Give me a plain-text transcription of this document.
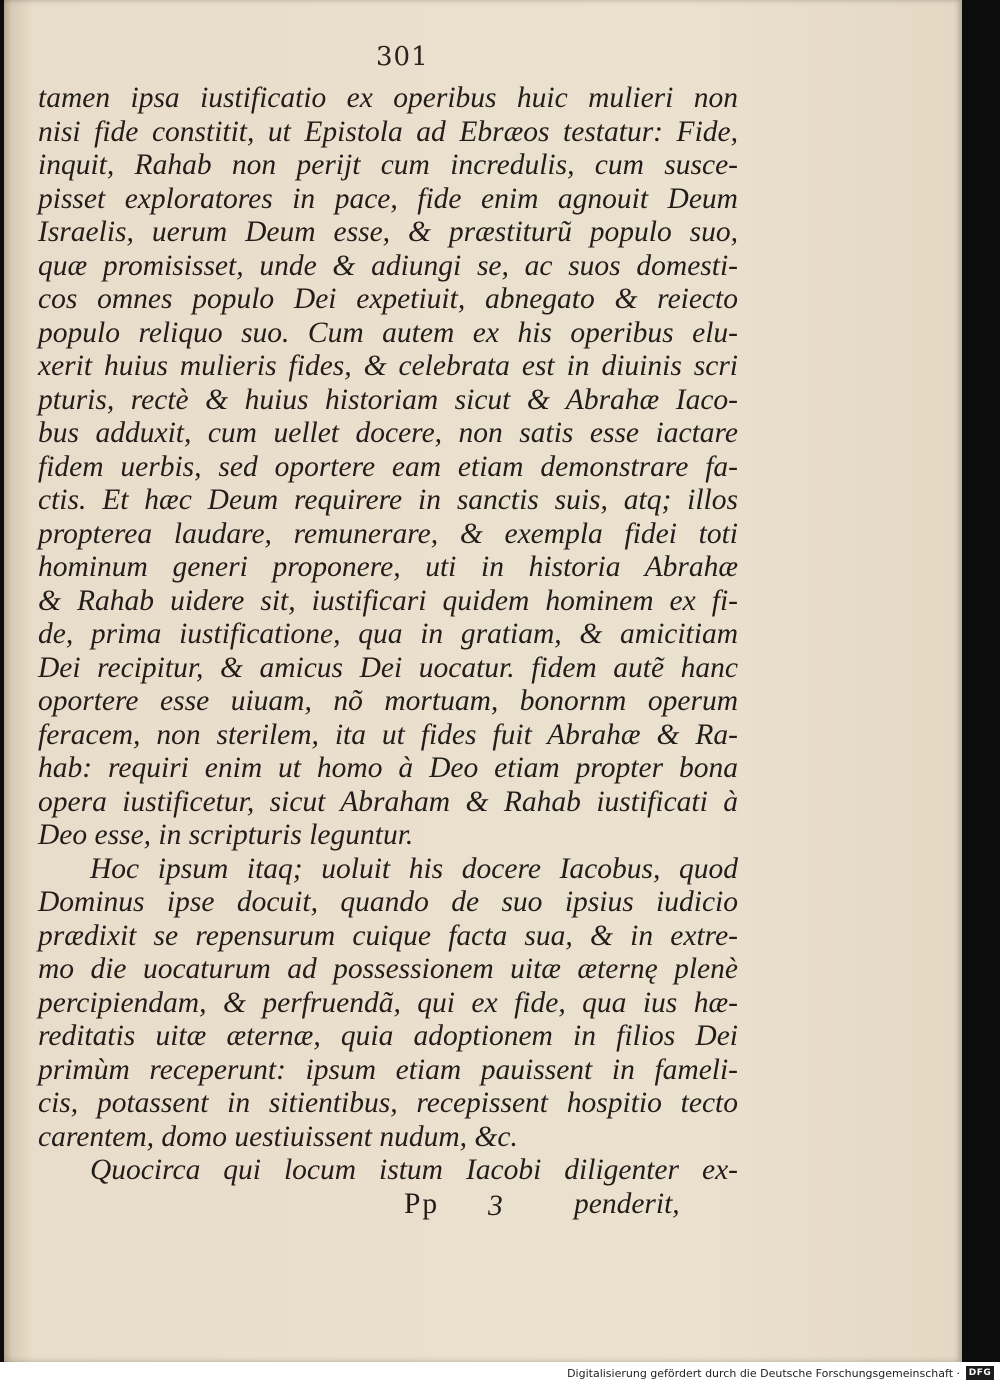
301
tamen ipsa iustificatio ex operibus huic mulieri non
nisi fide constitit, ut Epistola ad Ebræos testatur: Fide,
inquit, Rahab non perijt cum incredulis, cum susce-
pisset exploratores in pace, fide enim agnouit Deum
Israelis, uerum Deum esse, & præstiturũ populo suo,
quæ promisisset, unde & adiungi se, ac suos domesti-
cos omnes populo Dei expetiuit, abnegato & reiecto
populo reliquo suo. Cum autem ex his operibus elu-
xerit huius mulieris fides, & celebrata est in diuinis scri
pturis, rectè & huius historiam sicut & Abrahæ Iaco-
bus adduxit, cum uellet docere, non satis esse iactare
fidem uerbis, sed oportere eam etiam demonstrare fa-
ctis. Et hæc Deum requirere in sanctis suis, atq; illos
propterea laudare, remunerare, & exempla fidei toti
hominum generi proponere, uti in historia Abrahæ
& Rahab uidere sit, iustificari quidem hominem ex fi-
de, prima iustificatione, qua in gratiam, & amicitiam
Dei recipitur, & amicus Dei uocatur. fidem autẽ hanc
oportere esse uiuam, nõ mortuam, bonornm operum
feracem, non sterilem, ita ut fides fuit Abrahæ & Ra-
hab: requiri enim ut homo à Deo etiam propter bona
opera iustificetur, sicut Abraham & Rahab iustificati à
Deo esse, in scripturis leguntur.
Hoc ipsum itaq; uoluit his docere Iacobus, quod
Dominus ipse docuit, quando de suo ipsius iudicio
prædixit se repensurum cuique facta sua, & in extre-
mo die uocaturum ad possessionem uitæ æternę plenè
percipiendam, & perfruendã, qui ex fide, qua ius hæ-
reditatis uitæ æternæ, quia adoptionem in filios Dei
primùm receperunt: ipsum etiam pauissent in fameli-
cis, potassent in sitientibus, recepissent hospitio tecto
carentem, domo uestiuissent nudum, &c.
Quocirca qui locum istum Iacobi diligenter ex-
Pp 3 penderit,
Digitalisierung gefördert durch die Deutsche Forschungsgemeinschaft · DFG
